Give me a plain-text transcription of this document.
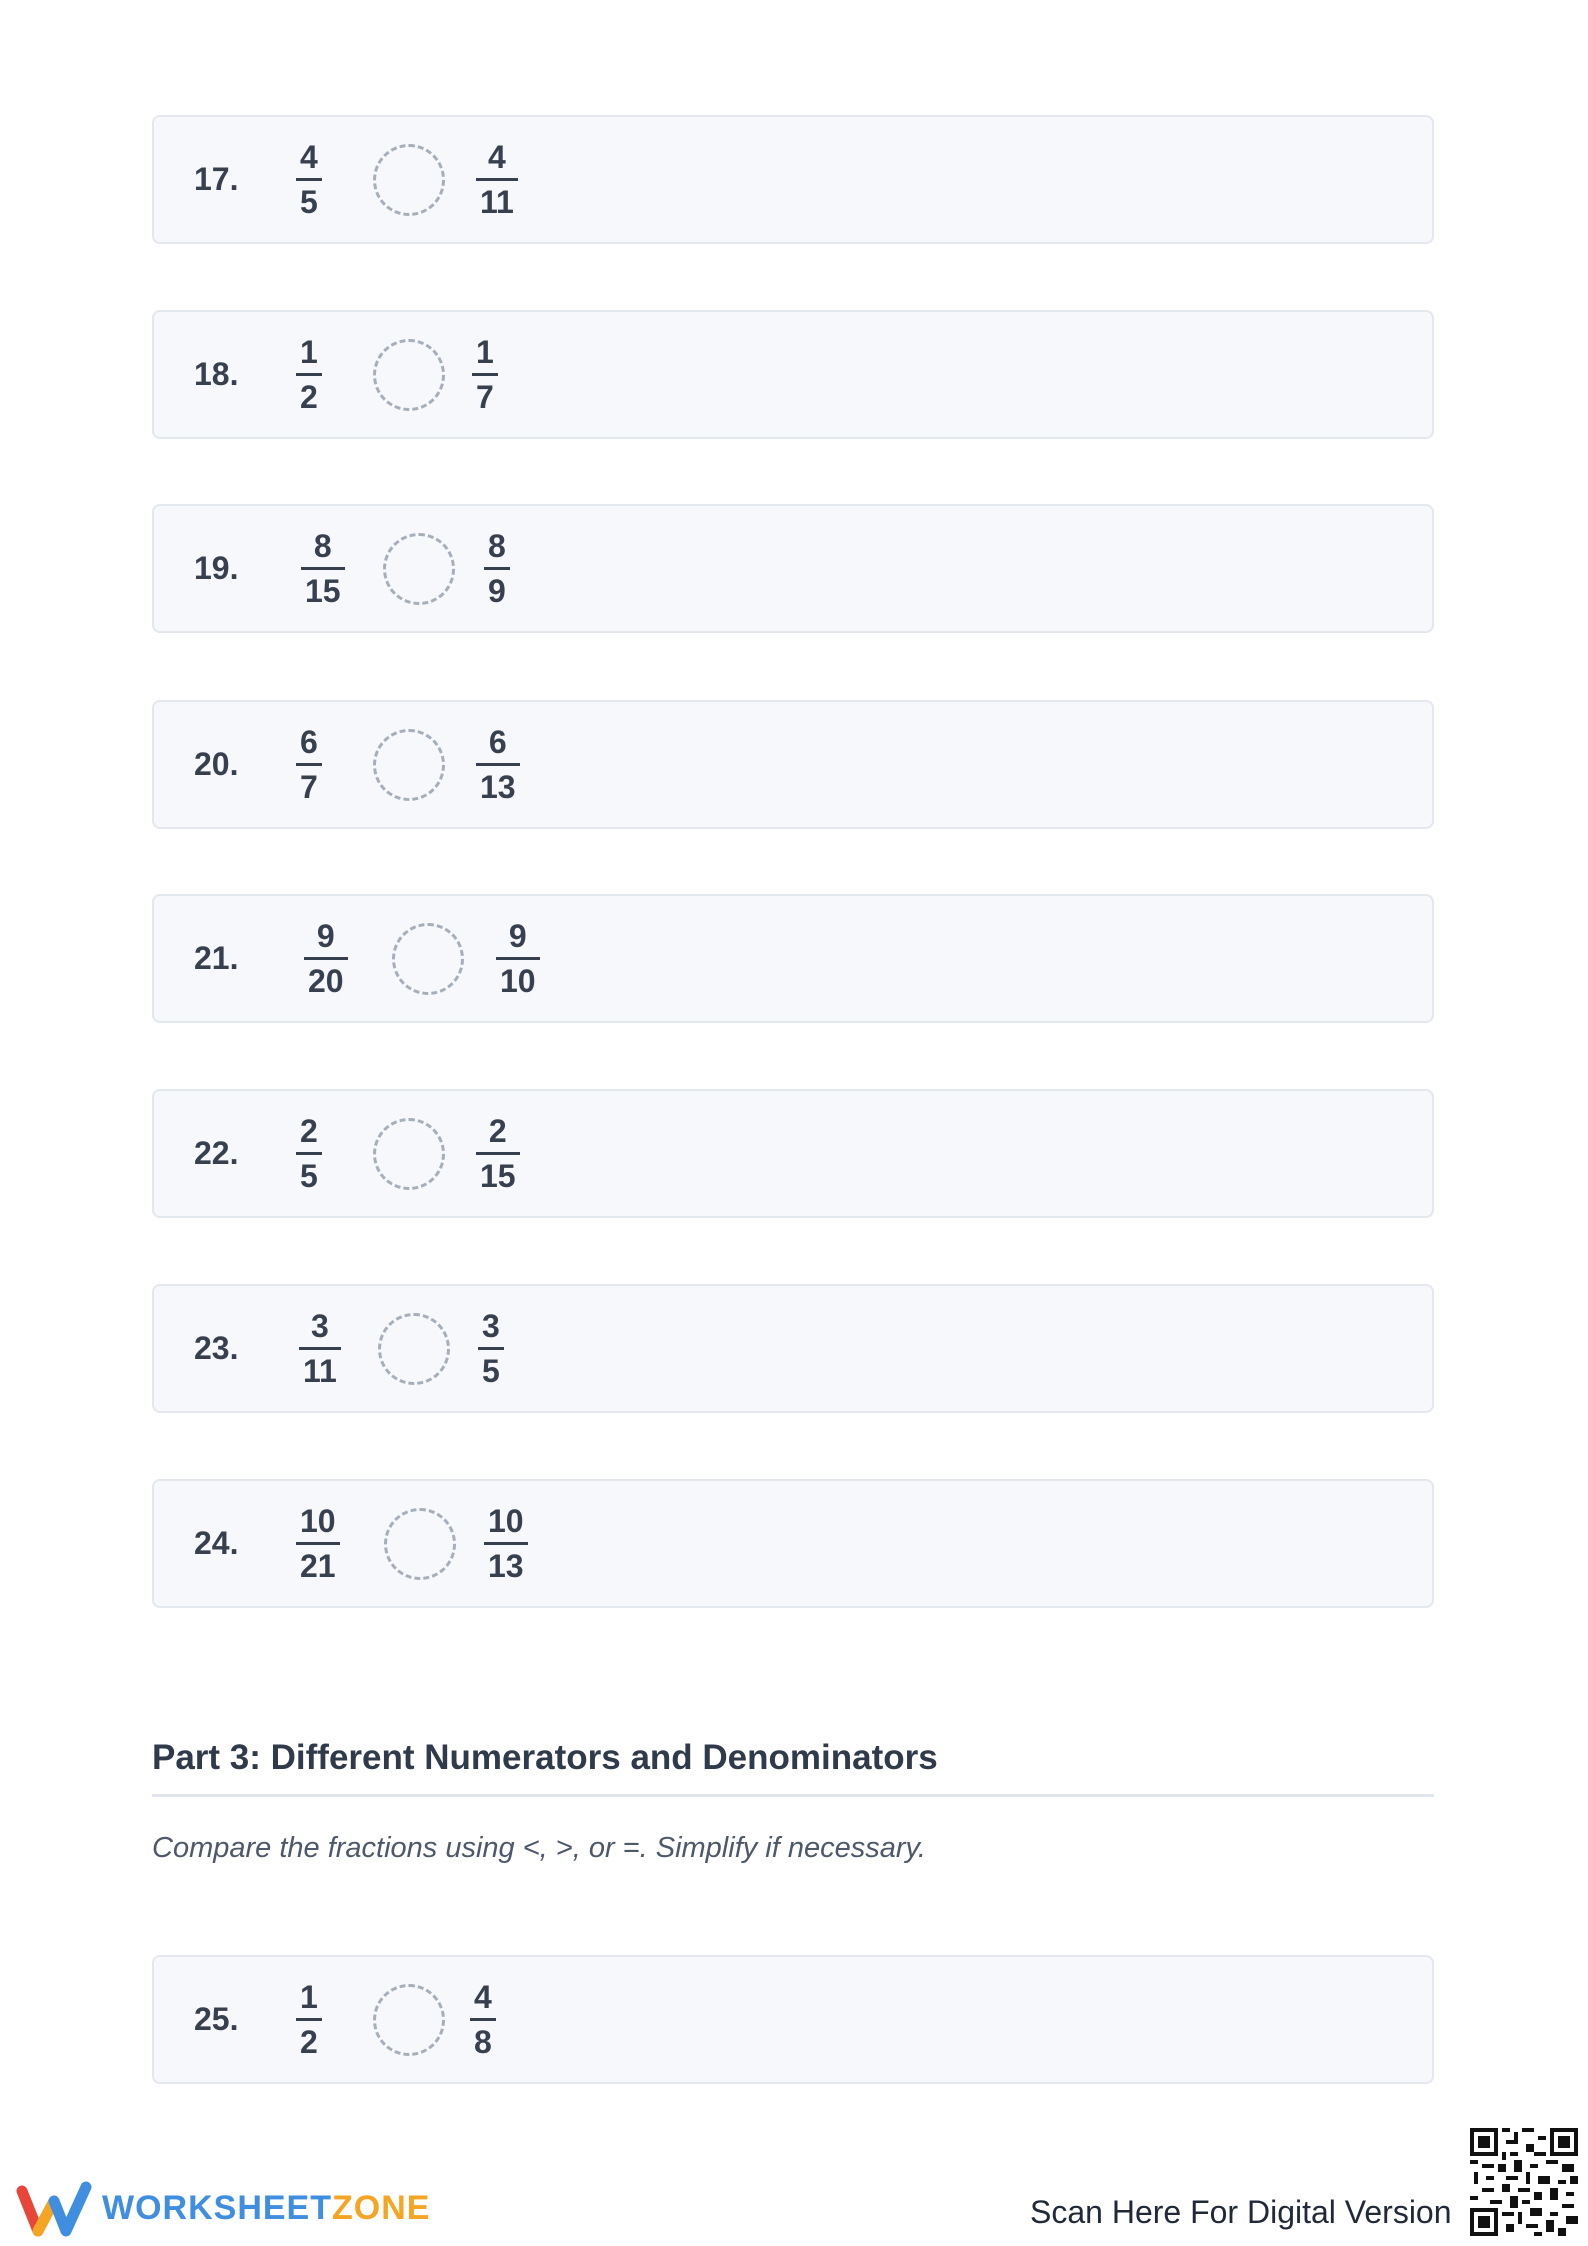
17.
4
5
4
11
18.
1
2
1
7
19.
8
15
8
9
20.
6
7
6
13
21.
9
20
9
10
22.
2
5
2
15
23.
3
11
3
5
24.
10
21
10
13
Part 3: Different Numerators and Denominators
Compare the fractions using <, >, or =. Simplify if necessary.
25.
1
2
4
8
WORKSHEETZONE	Scan Here For Digital Version
